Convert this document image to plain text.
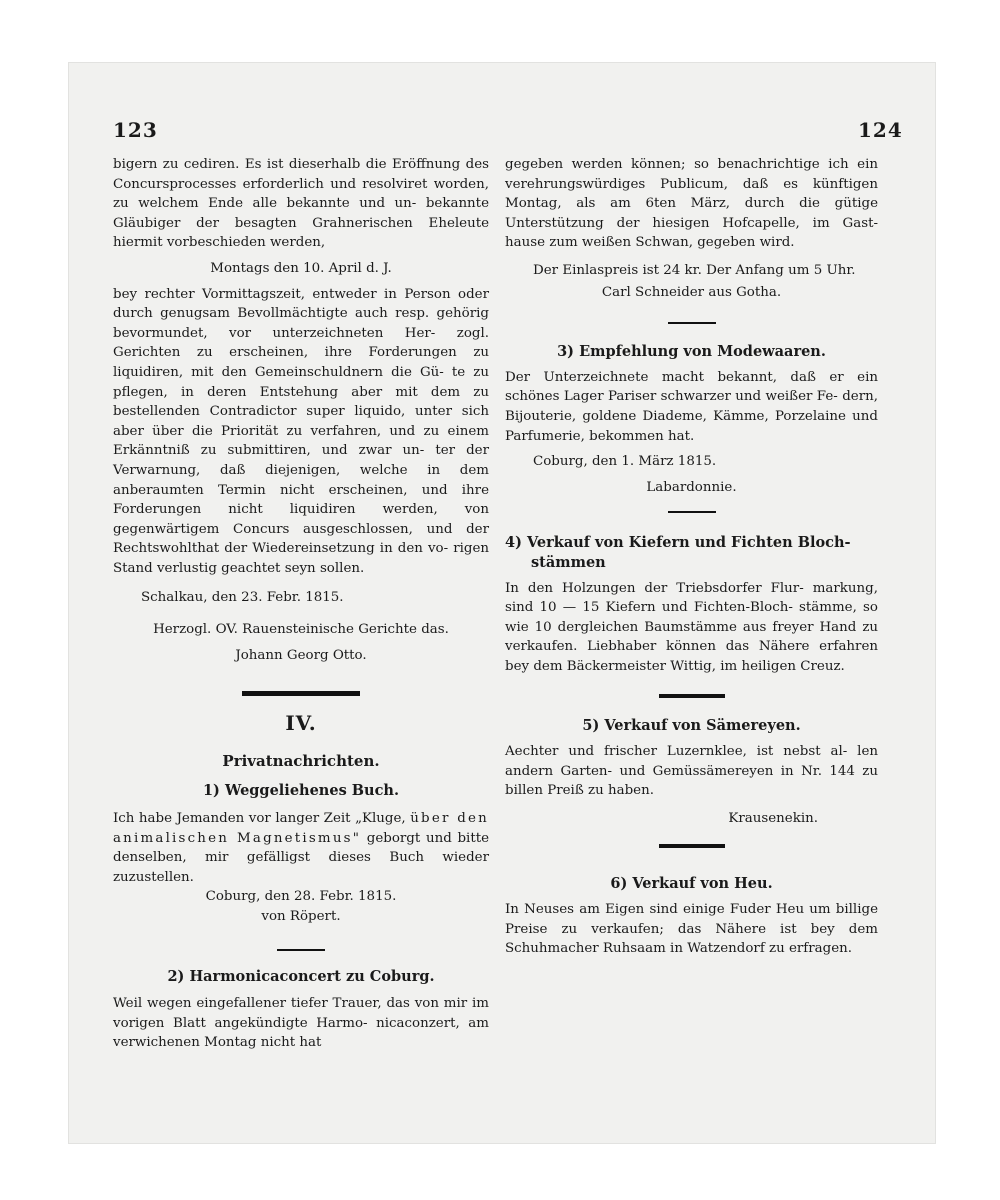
123	124

bigern zu cediren. Es ist dieserhalb die Eröffnung des Concursprocesses erforderlich und resolviret worden, zu welchem Ende alle bekannte und un- bekannte Gläubiger der besagten Grahnerischen Eheleute hiermit vorbeschieden werden,

Montags den 10. April d. J.

bey rechter Vormittagszeit, entweder in Person oder durch genugsam Bevollmächtigte auch resp. gehörig bevormundet, vor unterzeichneten Her- zogl. Gerichten zu erscheinen, ihre Forderungen zu liquidiren, mit den Gemeinschuldnern die Gü- te zu pflegen, in deren Entstehung aber mit dem zu bestellenden Contradictor super liquido, unter sich aber über die Priorität zu verfahren, und zu einem Erkänntniß zu submittiren, und zwar un- ter der Verwarnung, daß diejenigen, welche in dem anberaumten Termin nicht erscheinen, und ihre Forderungen nicht liquidiren werden, von gegenwärtigem Concurs ausgeschlossen, und der Rechtswohlthat der Wiedereinsetzung in den vo- rigen Stand verlustig geachtet seyn sollen.

Schalkau, den 23. Febr. 1815.

Herzogl. OV. Rauensteinische Gerichte das.

Johann Georg Otto.

IV.

Privatnachrichten.

1) Weggeliehenes Buch.

Ich habe Jemanden vor langer Zeit „Kluge, über den animalischen Magnetismus" geborgt und bitte denselben, mir gefälligst dieses Buch wieder zuzustellen.

Coburg, den 28. Febr. 1815.

von Röpert.

2) Harmonicaconcert zu Coburg.

Weil wegen eingefallener tiefer Trauer, das von mir im vorigen Blatt angekündigte Harmo- nicaconzert, am verwichenen Montag nicht hat

gegeben werden können; so benachrichtige ich ein verehrungswürdiges Publicum, daß es künftigen Montag, als am 6ten März, durch die gütige Unterstützung der hiesigen Hofcapelle, im Gast- hause zum weißen Schwan, gegeben wird.

Der Einlaspreis ist 24 kr. Der Anfang um 5 Uhr.

Carl Schneider aus Gotha.

3) Empfehlung von Modewaaren.

Der Unterzeichnete macht bekannt, daß er ein schönes Lager Pariser schwarzer und weißer Fe- dern, Bijouterie, goldene Diademe, Kämme, Porzelaine und Parfumerie, bekommen hat.

Coburg, den 1. März 1815.

Labardonnie.

4) Verkauf von Kiefern und Fichten Bloch-
stämmen

In den Holzungen der Triebsdorfer Flur- markung, sind 10 — 15 Kiefern und Fichten-Bloch- stämme, so wie 10 dergleichen Baumstämme aus freyer Hand zu verkaufen. Liebhaber können das Nähere erfahren bey dem Bäckermeister Wittig, im heiligen Creuz.

5) Verkauf von Sämereyen.

Aechter und frischer Luzernklee, ist nebst al- len andern Garten- und Gemüssämereyen in Nr. 144 zu billen Preiß zu haben.

Krausenekin.

6) Verkauf von Heu.

In Neuses am Eigen sind einige Fuder Heu um billige Preise zu verkaufen; das Nähere ist bey dem Schuhmacher Ruhsaam in Watzendorf zu erfragen.
